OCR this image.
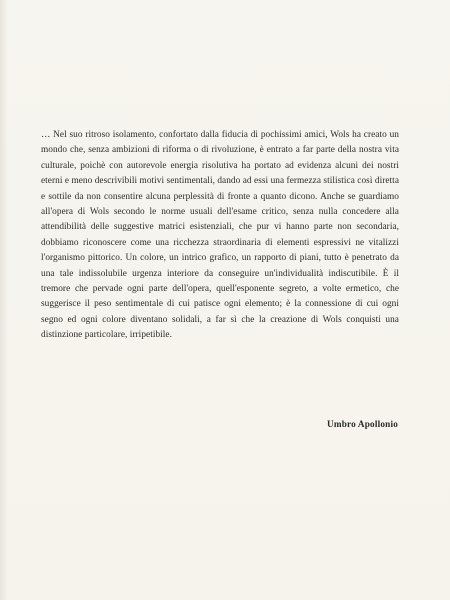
… Nel suo ritroso isolamento, confortato dalla fiducia di pochissimi amici, Wols ha creato un mondo che, senza ambizioni di riforma o di rivoluzione, è entrato a far parte della nostra vita culturale, poichè con autorevole energia risolutiva ha portato ad evidenza alcuni dei nostri eterni e meno descrivibili motivi sentimentali, dando ad essi una fermezza stilistica così diretta e sottile da non consentire alcuna perplessità di fronte a quanto dicono. Anche se guardiamo all'opera di Wols secondo le norme usuali dell'esame critico, senza nulla concedere alla attendibilità delle suggestive matrici esistenziali, che pur vi hanno parte non secondaria, dobbiamo riconoscere come una ricchezza straordinaria di elementi espressivi ne vitalizzi l'organismo pittorico. Un colore, un intrico grafico, un rapporto di piani, tutto è penetrato da una tale indissolubile urgenza interiore da conseguire un'individualità indiscutibile. È il tremore che pervade ogni parte dell'opera, quell'esponente segreto, a volte ermetico, che suggerisce il peso sentimentale di cui patisce ogni elemento; è la connessione di cui ogni segno ed ogni colore diventano solidali, a far sì che la creazione di Wols conquisti una distinzione particolare, irripetibile.

Umbro Apollonio
